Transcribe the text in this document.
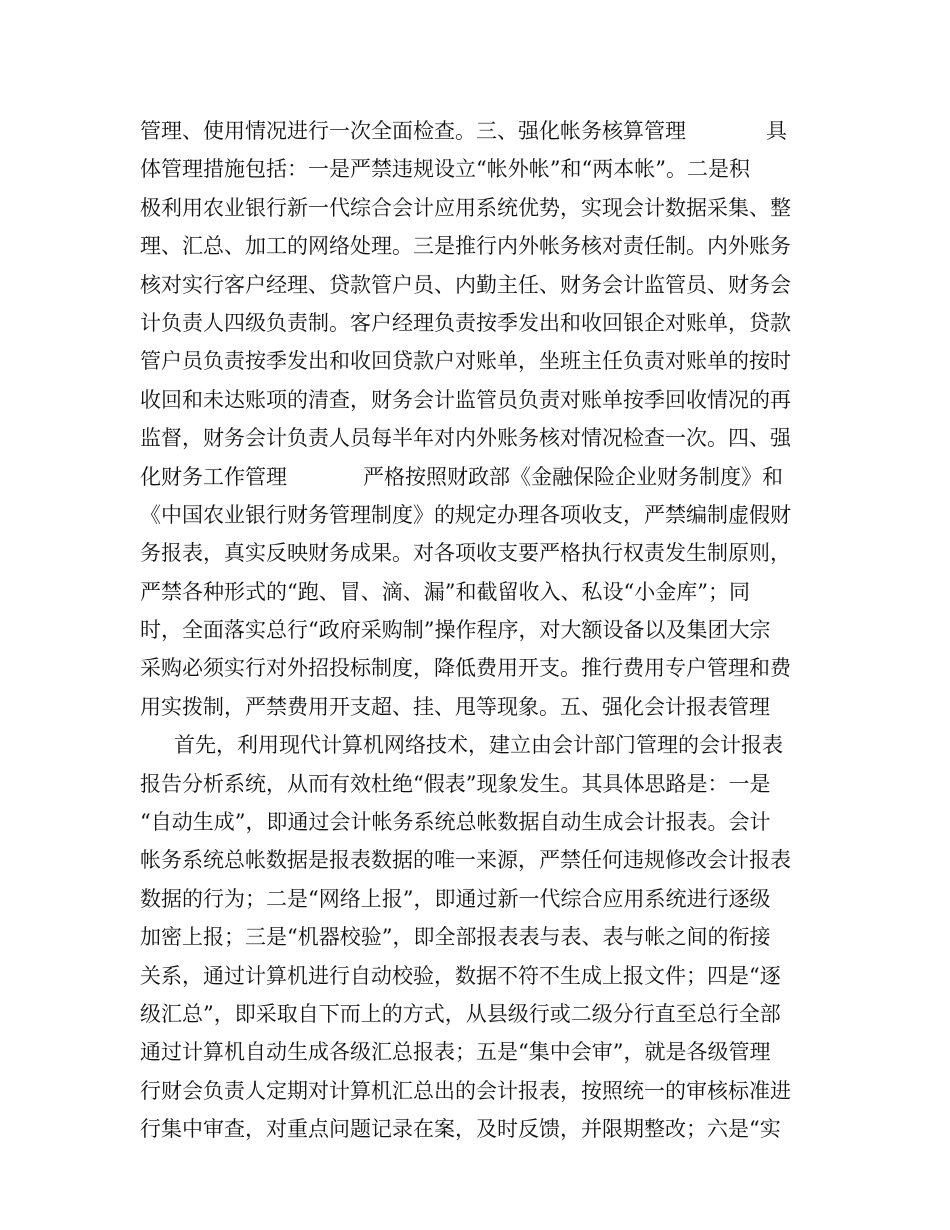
管理、使用情况进行一次全面检查。三、强化帐务核算管理	具
体管理措施包括：一是严禁违规设立“帐外帐”和“两本帐”。二是积
极利用农业银行新一代综合会计应用系统优势，实现会计数据采集、整
理、汇总、加工的网络处理。三是推行内外帐务核对责任制。内外账务
核对实行客户经理、贷款管户员、内勤主任、财务会计监管员、财务会
计负责人四级负责制。客户经理负责按季发出和收回银企对账单，贷款
管户员负责按季发出和收回贷款户对账单，坐班主任负责对账单的按时
收回和未达账项的清查，财务会计监管员负责对账单按季回收情况的再
监督，财务会计负责人员每半年对内外账务核对情况检查一次。四、强
化财务工作管理	严格按照财政部《金融保险企业财务制度》和
《中国农业银行财务管理制度》的规定办理各项收支，严禁编制虚假财
务报表，真实反映财务成果。对各项收支要严格执行权责发生制原则，
严禁各种形式的“跑、冒、滴、漏”和截留收入、私设“小金库”；同
时，全面落实总行“政府采购制”操作程序，对大额设备以及集团大宗
采购必须实行对外招投标制度，降低费用开支。推行费用专户管理和费
用实拨制，严禁费用开支超、挂、甩等现象。五、强化会计报表管理
首先，利用现代计算机网络技术，建立由会计部门管理的会计报表
报告分析系统，从而有效杜绝“假表”现象发生。其具体思路是：一是
“自动生成”，即通过会计帐务系统总帐数据自动生成会计报表。会计
帐务系统总帐数据是报表数据的唯一来源，严禁任何违规修改会计报表
数据的行为；二是“网络上报”，即通过新一代综合应用系统进行逐级
加密上报；三是“机器校验”，即全部报表表与表、表与帐之间的衔接
关系，通过计算机进行自动校验，数据不符不生成上报文件；四是“逐
级汇总”，即采取自下而上的方式，从县级行或二级分行直至总行全部
通过计算机自动生成各级汇总报表；五是“集中会审”，就是各级管理
行财会负责人定期对计算机汇总出的会计报表，按照统一的审核标准进
行集中审查，对重点问题记录在案，及时反馈，并限期整改；六是“实
